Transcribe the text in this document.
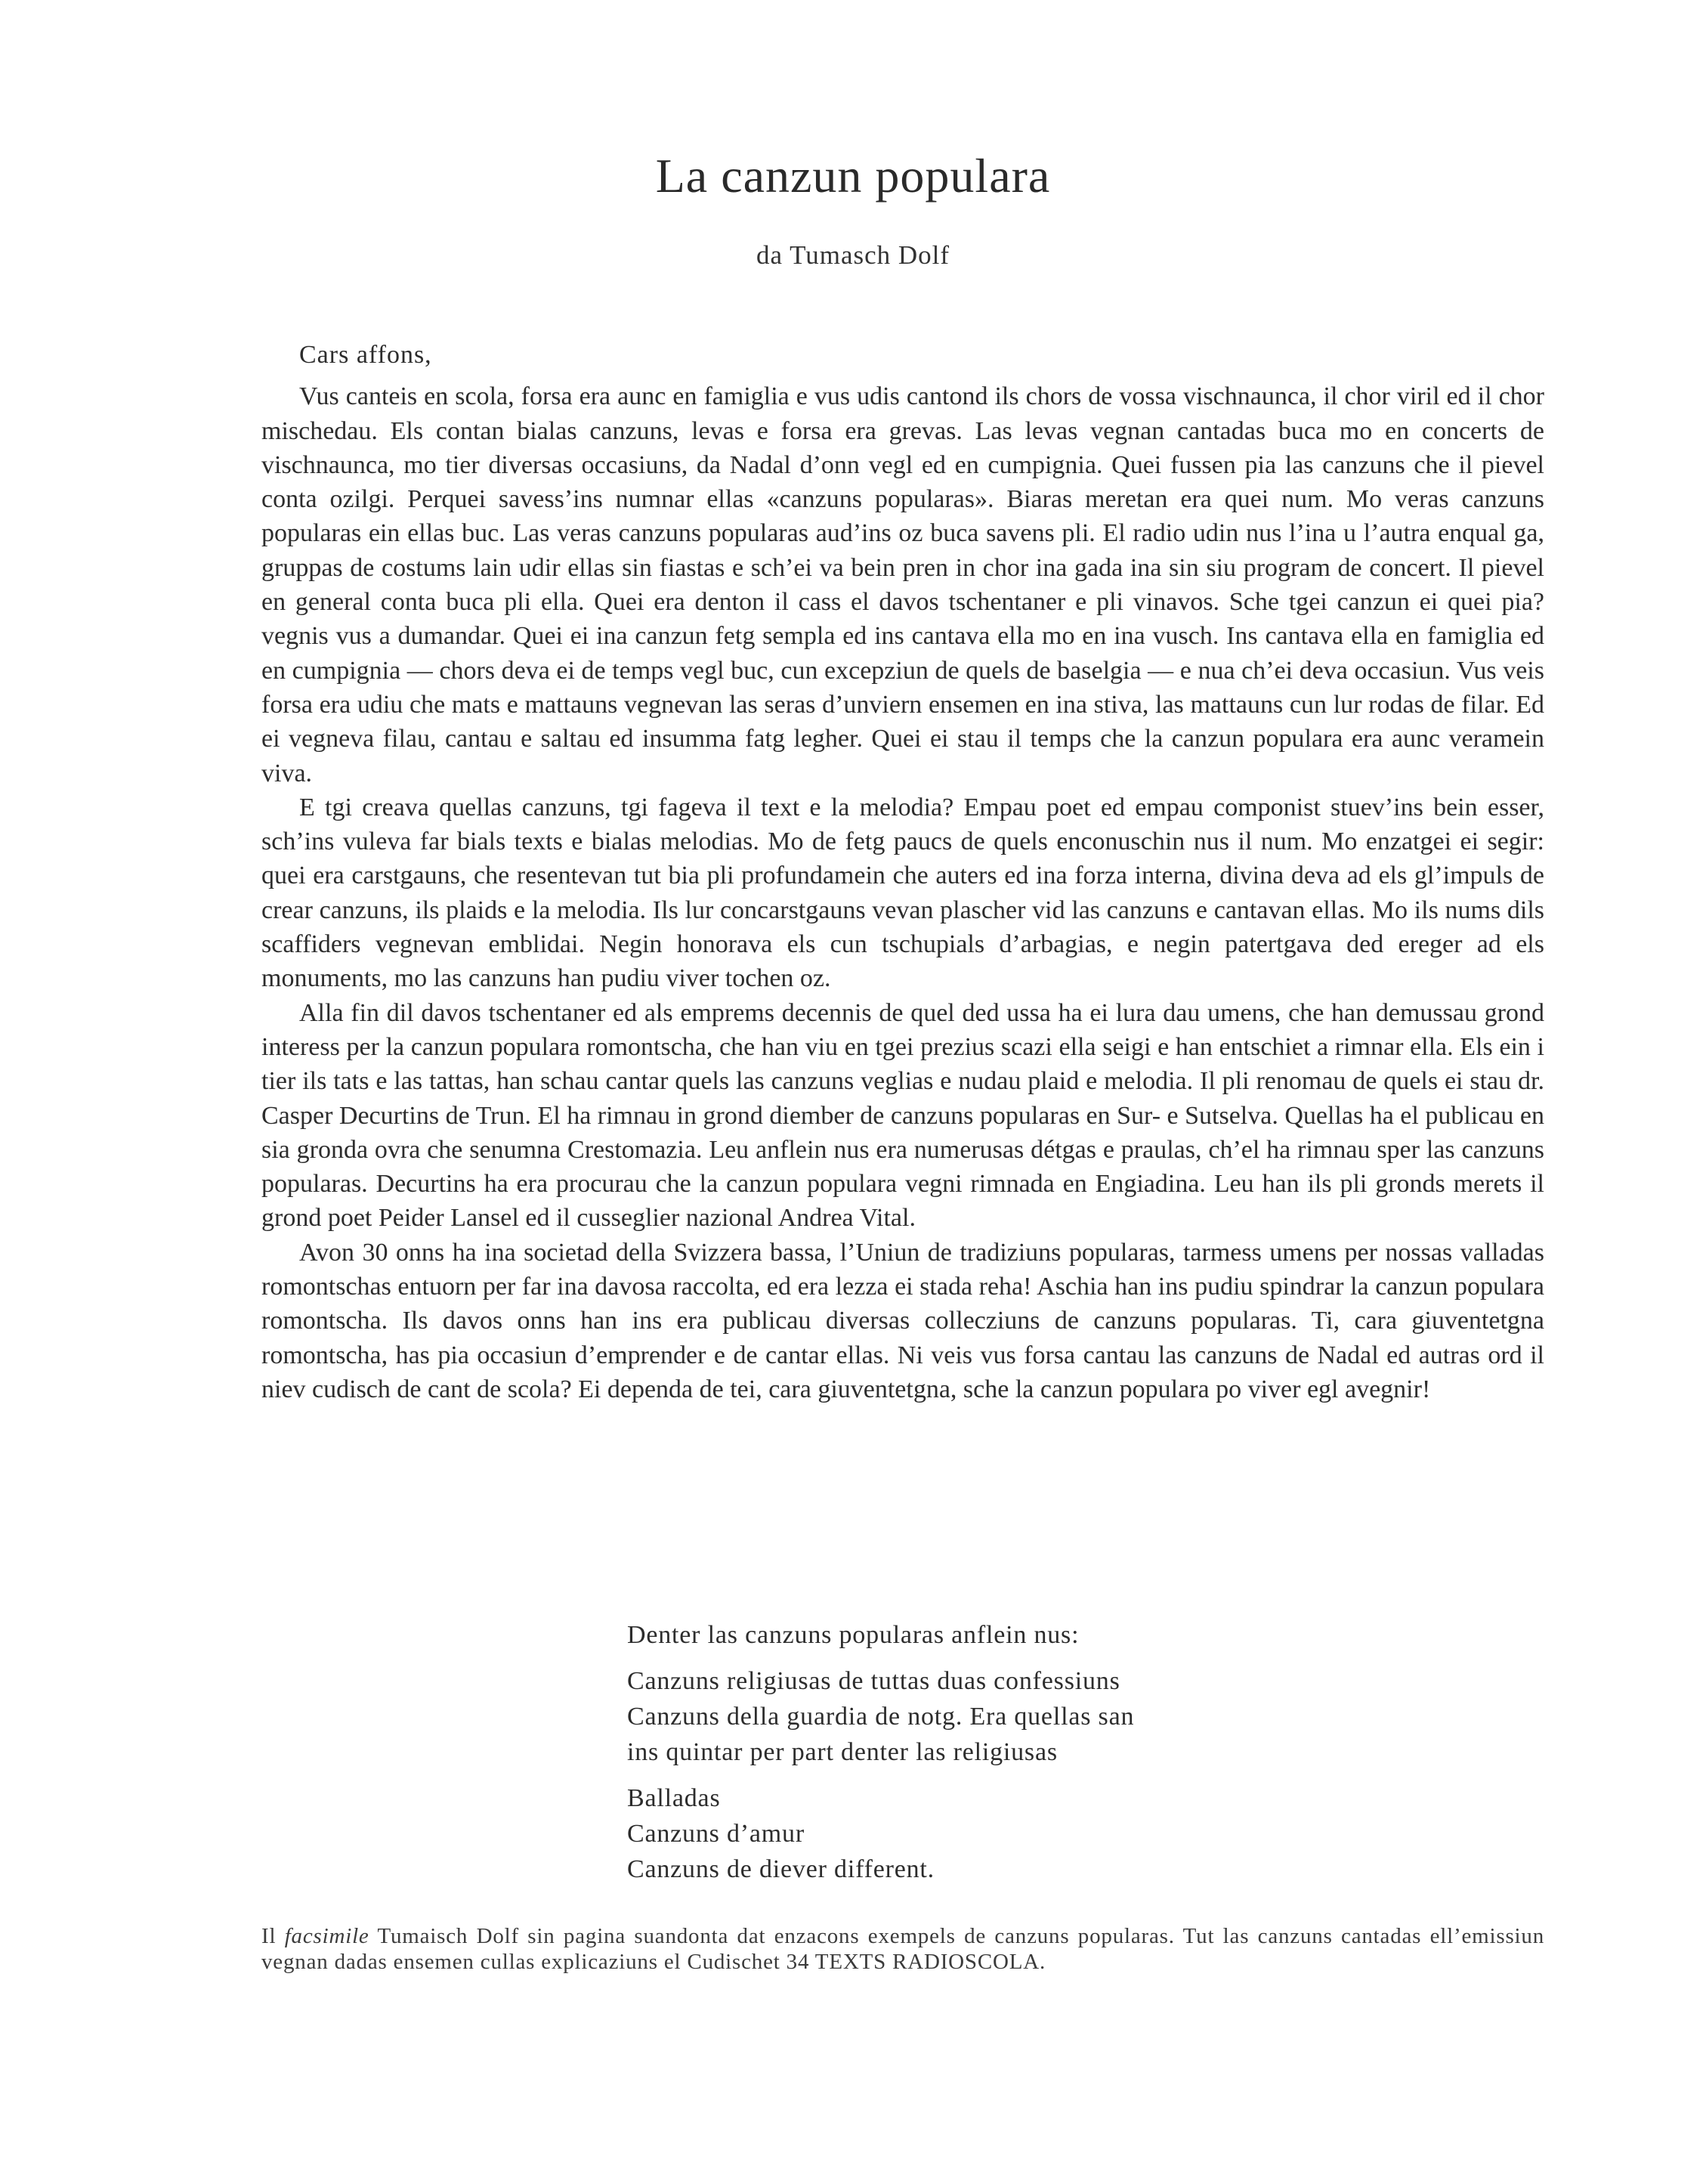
La canzun populara
da Tumasch Dolf

Cars affons,

Vus canteis en scola, forsa era aunc en famiglia e vus udis cantond ils chors de vossa vischnaunca, il chor viril ed il chor mischedau. Els contan bialas canzuns, levas e forsa era grevas. Las levas vegnan cantadas buca mo en concerts de vischnaunca, mo tier diversas occasiuns, da Nadal d’onn vegl ed en cumpignia. Quei fussen pia las canzuns che il pievel conta ozilgi. Perquei savess’ins numnar ellas «canzuns popularas». Biaras meretan era quei num. Mo veras canzuns popularas ein ellas buc. Las veras canzuns popularas aud’ins oz buca savens pli. El radio udin nus l’ina u l’autra enqual ga, gruppas de costums lain udir ellas sin fiastas e sch’ei va bein pren in chor ina gada ina sin siu program de concert. Il pievel en general conta buca pli ella. Quei era denton il cass el davos tschentaner e pli vinavos. Sche tgei canzun ei quei pia? vegnis vus a dumandar. Quei ei ina canzun fetg sempla ed ins cantava ella mo en ina vusch. Ins cantava ella en famiglia ed en cumpignia — chors deva ei de temps vegl buc, cun excepziun de quels de baselgia — e nua ch’ei deva occasiun. Vus veis forsa era udiu che mats e mattauns vegnevan las seras d’unviern ensemen en ina stiva, las mattauns cun lur rodas de filar. Ed ei vegneva filau, cantau e saltau ed insumma fatg legher. Quei ei stau il temps che la canzun populara era aunc veramein viva.

E tgi creava quellas canzuns, tgi fageva il text e la melodia? Empau poet ed empau componist stuev’ins bein esser, sch’ins vuleva far bials texts e bialas melodias. Mo de fetg paucs de quels enconuschin nus il num. Mo enzatgei ei segir: quei era carstgauns, che resentevan tut bia pli profundamein che auters ed ina forza interna, divina deva ad els gl’impuls de crear canzuns, ils plaids e la melodia. Ils lur concarstgauns vevan plascher vid las canzuns e cantavan ellas. Mo ils nums dils scaffiders vegnevan emblidai. Negin honorava els cun tschupials d’arbagias, e negin patertgava ded ereger ad els monuments, mo las canzuns han pudiu viver tochen oz.

Alla fin dil davos tschentaner ed als emprems decennis de quel ded ussa ha ei lura dau umens, che han demussau grond interess per la canzun populara romontscha, che han viu en tgei prezius scazi ella seigi e han entschiet a rimnar ella. Els ein i tier ils tats e las tattas, han schau cantar quels las canzuns veglias e nudau plaid e melodia. Il pli renomau de quels ei stau dr. Casper Decurtins de Trun. El ha rimnau in grond diember de canzuns popularas en Sur- e Sutselva. Quellas ha el publicau en sia gronda ovra che senumna Crestomazia. Leu anflein nus era numerusas détgas e praulas, ch’el ha rimnau sper las canzuns popularas. Decurtins ha era procurau che la canzun populara vegni rimnada en Engiadina. Leu han ils pli gronds merets il grond poet Peider Lansel ed il cusseglier nazional Andrea Vital.

Avon 30 onns ha ina societad della Svizzera bassa, l’Uniun de tradiziuns popularas, tarmess umens per nossas valladas romontschas entuorn per far ina davosa raccolta, ed era lezza ei stada reha! Aschia han ins pudiu spindrar la canzun populara romontscha. Ils davos onns han ins era publicau diversas collecziuns de canzuns popularas. Ti, cara giuventetgna romontscha, has pia occasiun d’emprender e de cantar ellas. Ni veis vus forsa cantau las canzuns de Nadal ed autras ord il niev cudisch de cant de scola? Ei dependa de tei, cara giuventetgna, sche la canzun populara po viver egl avegnir!

Denter las canzuns popularas anflein nus:
Canzuns religiusas de tuttas duas confessiuns
Canzuns della guardia de notg. Era quellas san
ins quintar per part denter las religiusas
Balladas
Canzuns d’amur
Canzuns de diever different.
Il facsimile Tumaisch Dolf sin pagina suandonta dat enzacons exempels de canzuns popularas. Tut las canzuns cantadas ell’emissiun vegnan dadas ensemen cullas explicaziuns el Cudischet 34 TEXTS RADIOSCOLA.
